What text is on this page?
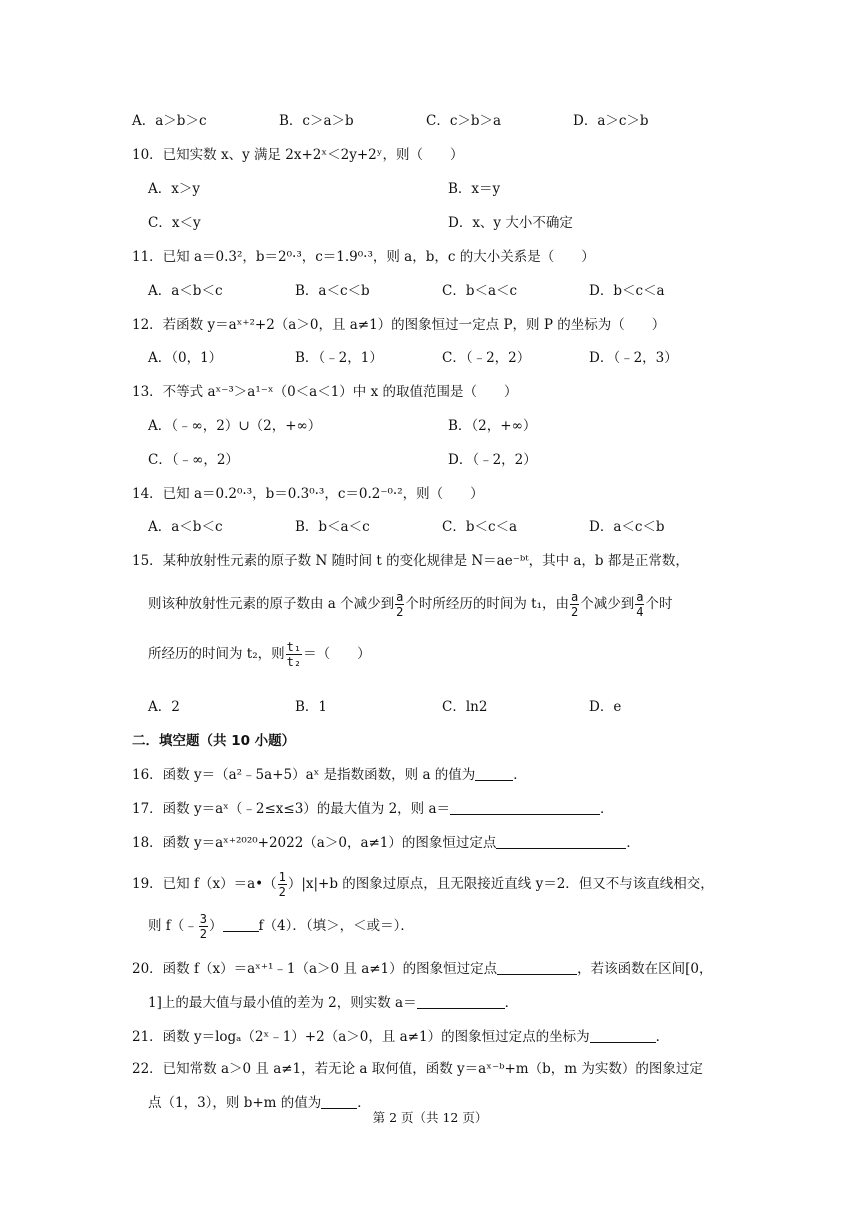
A．a＞b＞c	B．c＞a＞b	C．c＞b＞a	D．a＞c＞b
10．已知实数 x、y 满足 2x+2ˣ＜2y+2ʸ，则（　　）
A．x＞y	B．x＝y
C．x＜y	D．x、y 大小不确定
11．已知 a＝0.3²，b＝2⁰·³，c＝1.9⁰·³，则 a，b，c 的大小关系是（　　）
A．a＜b＜c	B．a＜c＜b	C．b＜a＜c	D．b＜c＜a
12．若函数 y＝aˣ⁺²+2（a＞0，且 a≠1）的图象恒过一定点 P，则 P 的坐标为（　　）
A．（0，1）	B．（﹣2，1）	C．（﹣2，2）	D．（﹣2，3）
13．不等式 aˣ⁻³＞a¹⁻ˣ（0＜a＜1）中 x 的取值范围是（　　）
A．（﹣∞，2）∪（2，+∞）	B．（2，+∞）
C．（﹣∞，2）	D．（﹣2，2）
14．已知 a＝0.2⁰·³，b＝0.3⁰·³，c＝0.2⁻⁰·²，则（　　）
A．a＜b＜c	B．b＜a＜c	C．b＜c＜a	D．a＜c＜b
15．某种放射性元素的原子数 N 随时间 t 的变化规律是 N＝ae⁻ᵇᵗ，其中 a，b 都是正常数，
则该种放射性元素的原子数由 a 个减少到 $\frac{a}{2}$ 个时所经历的时间为 t₁，由 $\frac{a}{2}$ 个减少到 $\frac{a}{4}$ 个时
所经历的时间为 t₂，则 $\frac{\text{t₁}}{\text{t₂}}$ ＝（　　）
A．2	B．1	C．ln2	D．e
二．填空题（共 10 小题）
16．函数 y＝（a²﹣5a+5）aˣ 是指数函数，则 a 的值为	．
17．函数 y＝aˣ（﹣2≤x≤3）的最大值为 2，则 a＝	．
18．函数 y＝aˣ⁺²⁰²⁰+2022（a＞0，a≠1）的图象恒过定点	．
19．已知 f（x）＝a•（ $\frac{1}{2} )|x|+b$ 的图象过原点，且无限接近直线 y＝2．但又不与该直线相交，
则 f（﹣ $\frac{3}{2}$ ）	f（4）．（填＞，＜或＝）．
20．函数 f（x）＝aˣ⁺¹﹣1（a＞0 且 a≠1）的图象恒过定点	，若该函数在区间[0，
1]上的最大值与最小值的差为 2，则实数 a＝	．
21．函数 y＝logₐ（2ˣ﹣1）+2（a＞0，且 a≠1）的图象恒过定点的坐标为	．
22．已知常数 a＞0 且 a≠1，若无论 a 取何值，函数 y＝aˣ⁻ᵇ+m（b，m 为实数）的图象过定
点（1，3），则 b+m 的值为	．
第 2 页（共 12 页）
